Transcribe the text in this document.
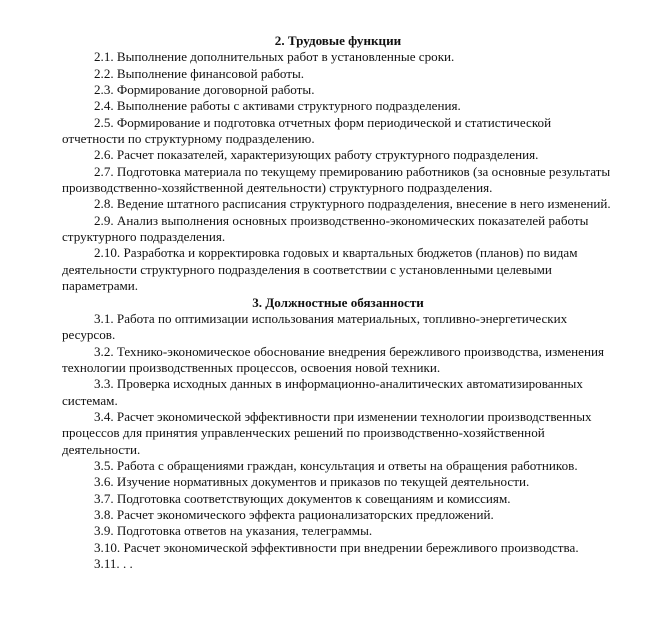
2. Трудовые функции
2.1. Выполнение дополнительных работ в установленные сроки.
2.2. Выполнение финансовой работы.
2.3. Формирование договорной работы.
2.4. Выполнение работы с активами структурного подразделения.
2.5. Формирование и подготовка отчетных форм периодической и статистической отчетности по структурному подразделению.
2.6. Расчет показателей, характеризующих работу структурного подразделения.
2.7. Подготовка материала по текущему премированию работников (за основные результаты производственно-хозяйственной деятельности) структурного подразделения.
2.8. Ведение штатного расписания структурного подразделения, внесение в него изменений.
2.9. Анализ выполнения основных производственно-экономических показателей работы структурного подразделения.
2.10. Разработка и корректировка годовых и квартальных бюджетов (планов) по видам деятельности структурного подразделения в соответствии с установленными целевыми параметрами.
3. Должностные обязанности
3.1. Работа по оптимизации использования материальных, топливно-энергетических ресурсов.
3.2. Технико-экономическое обоснование внедрения бережливого производства, изменения технологии производственных процессов, освоения новой техники.
3.3. Проверка исходных данных в информационно-аналитических автоматизированных системам.
3.4. Расчет экономической эффективности при изменении технологии производственных процессов для принятия управленческих решений по производственно-хозяйственной деятельности.
3.5. Работа с обращениями граждан, консультация и ответы на обращения работников.
3.6. Изучение нормативных документов и приказов по текущей деятельности.
3.7. Подготовка соответствующих документов к совещаниям и комиссиям.
3.8. Расчет экономического эффекта рационализаторских предложений.
3.9. Подготовка ответов на указания, телеграммы.
3.10. Расчет экономической эффективности при внедрении бережливого производства.
3.11. . .
